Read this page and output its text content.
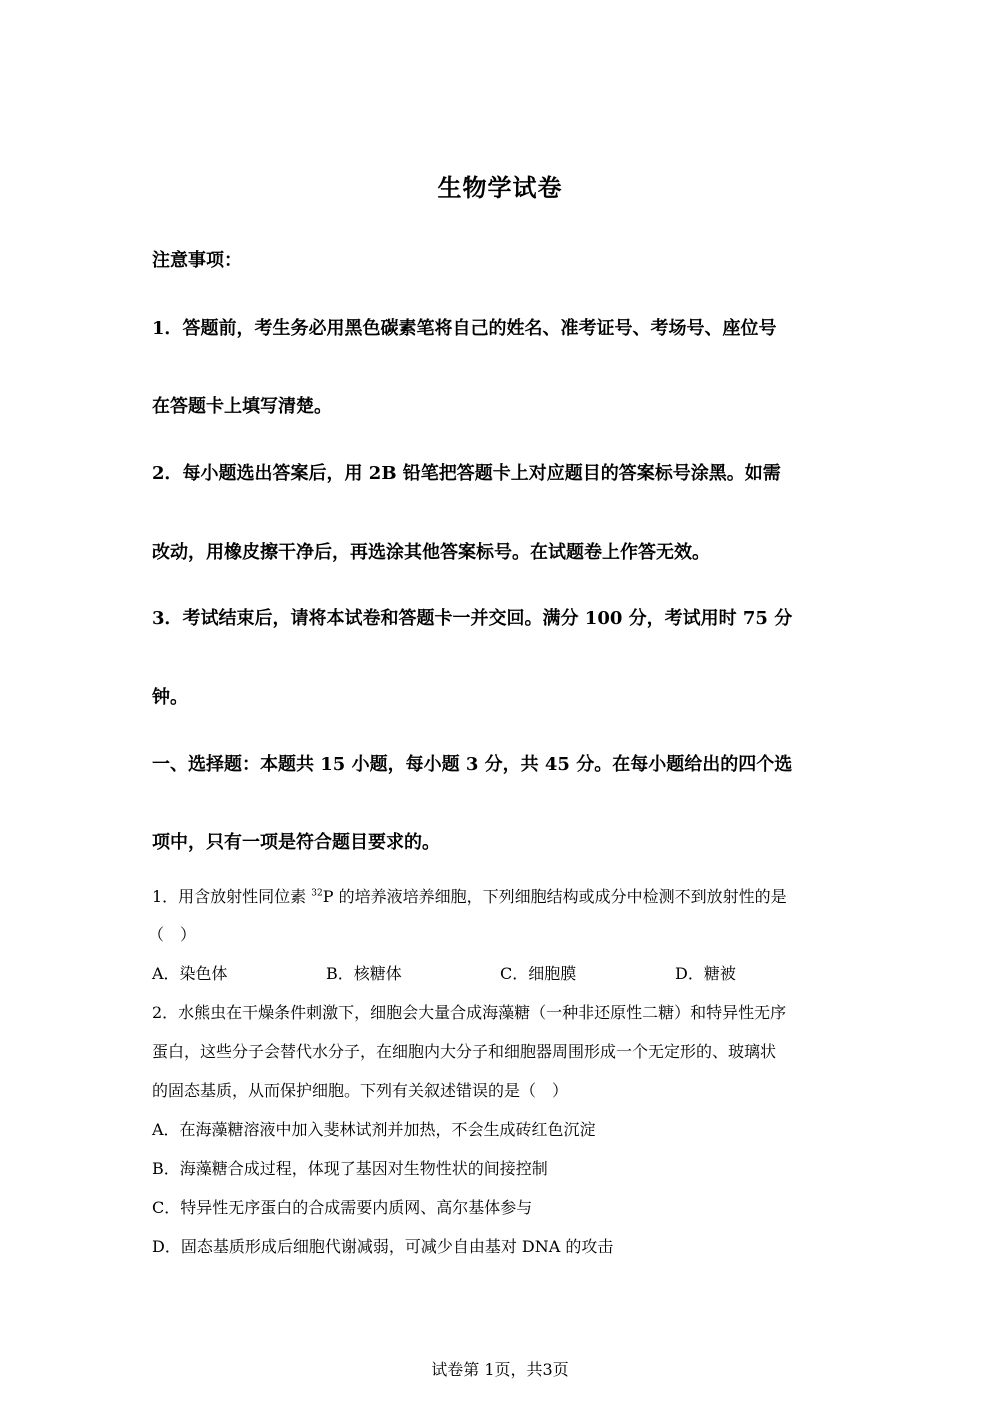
生物学试卷
注意事项：
1．答题前，考生务必用黑色碳素笔将自己的姓名、准考证号、考场号、座位号
在答题卡上填写清楚。
2．每小题选出答案后，用 2B 铅笔把答题卡上对应题目的答案标号涂黑。如需
改动，用橡皮擦干净后，再选涂其他答案标号。在试题卷上作答无效。
3．考试结束后，请将本试卷和答题卡一并交回。满分 100 分，考试用时 75 分
钟。
一、选择题：本题共 15 小题，每小题 3 分，共 45 分。在每小题给出的四个选
项中，只有一项是符合题目要求的。
1．用含放射性同位素 $^{32}$P 的培养液培养细胞，下列细胞结构或成分中检测不到放射性的是
（　）
A．染色体	B．核糖体	C．细胞膜	D．糖被
2．水熊虫在干燥条件刺激下，细胞会大量合成海藻糖（一种非还原性二糖）和特异性无序
蛋白，这些分子会替代水分子，在细胞内大分子和细胞器周围形成一个无定形的、玻璃状
的固态基质，从而保护细胞。下列有关叙述错误的是（　）
A．在海藻糖溶液中加入斐林试剂并加热，不会生成砖红色沉淀
B．海藻糖合成过程，体现了基因对生物性状的间接控制
C．特异性无序蛋白的合成需要内质网、高尔基体参与
D．固态基质形成后细胞代谢减弱，可减少自由基对 DNA 的攻击
试卷第 1页，共3页
